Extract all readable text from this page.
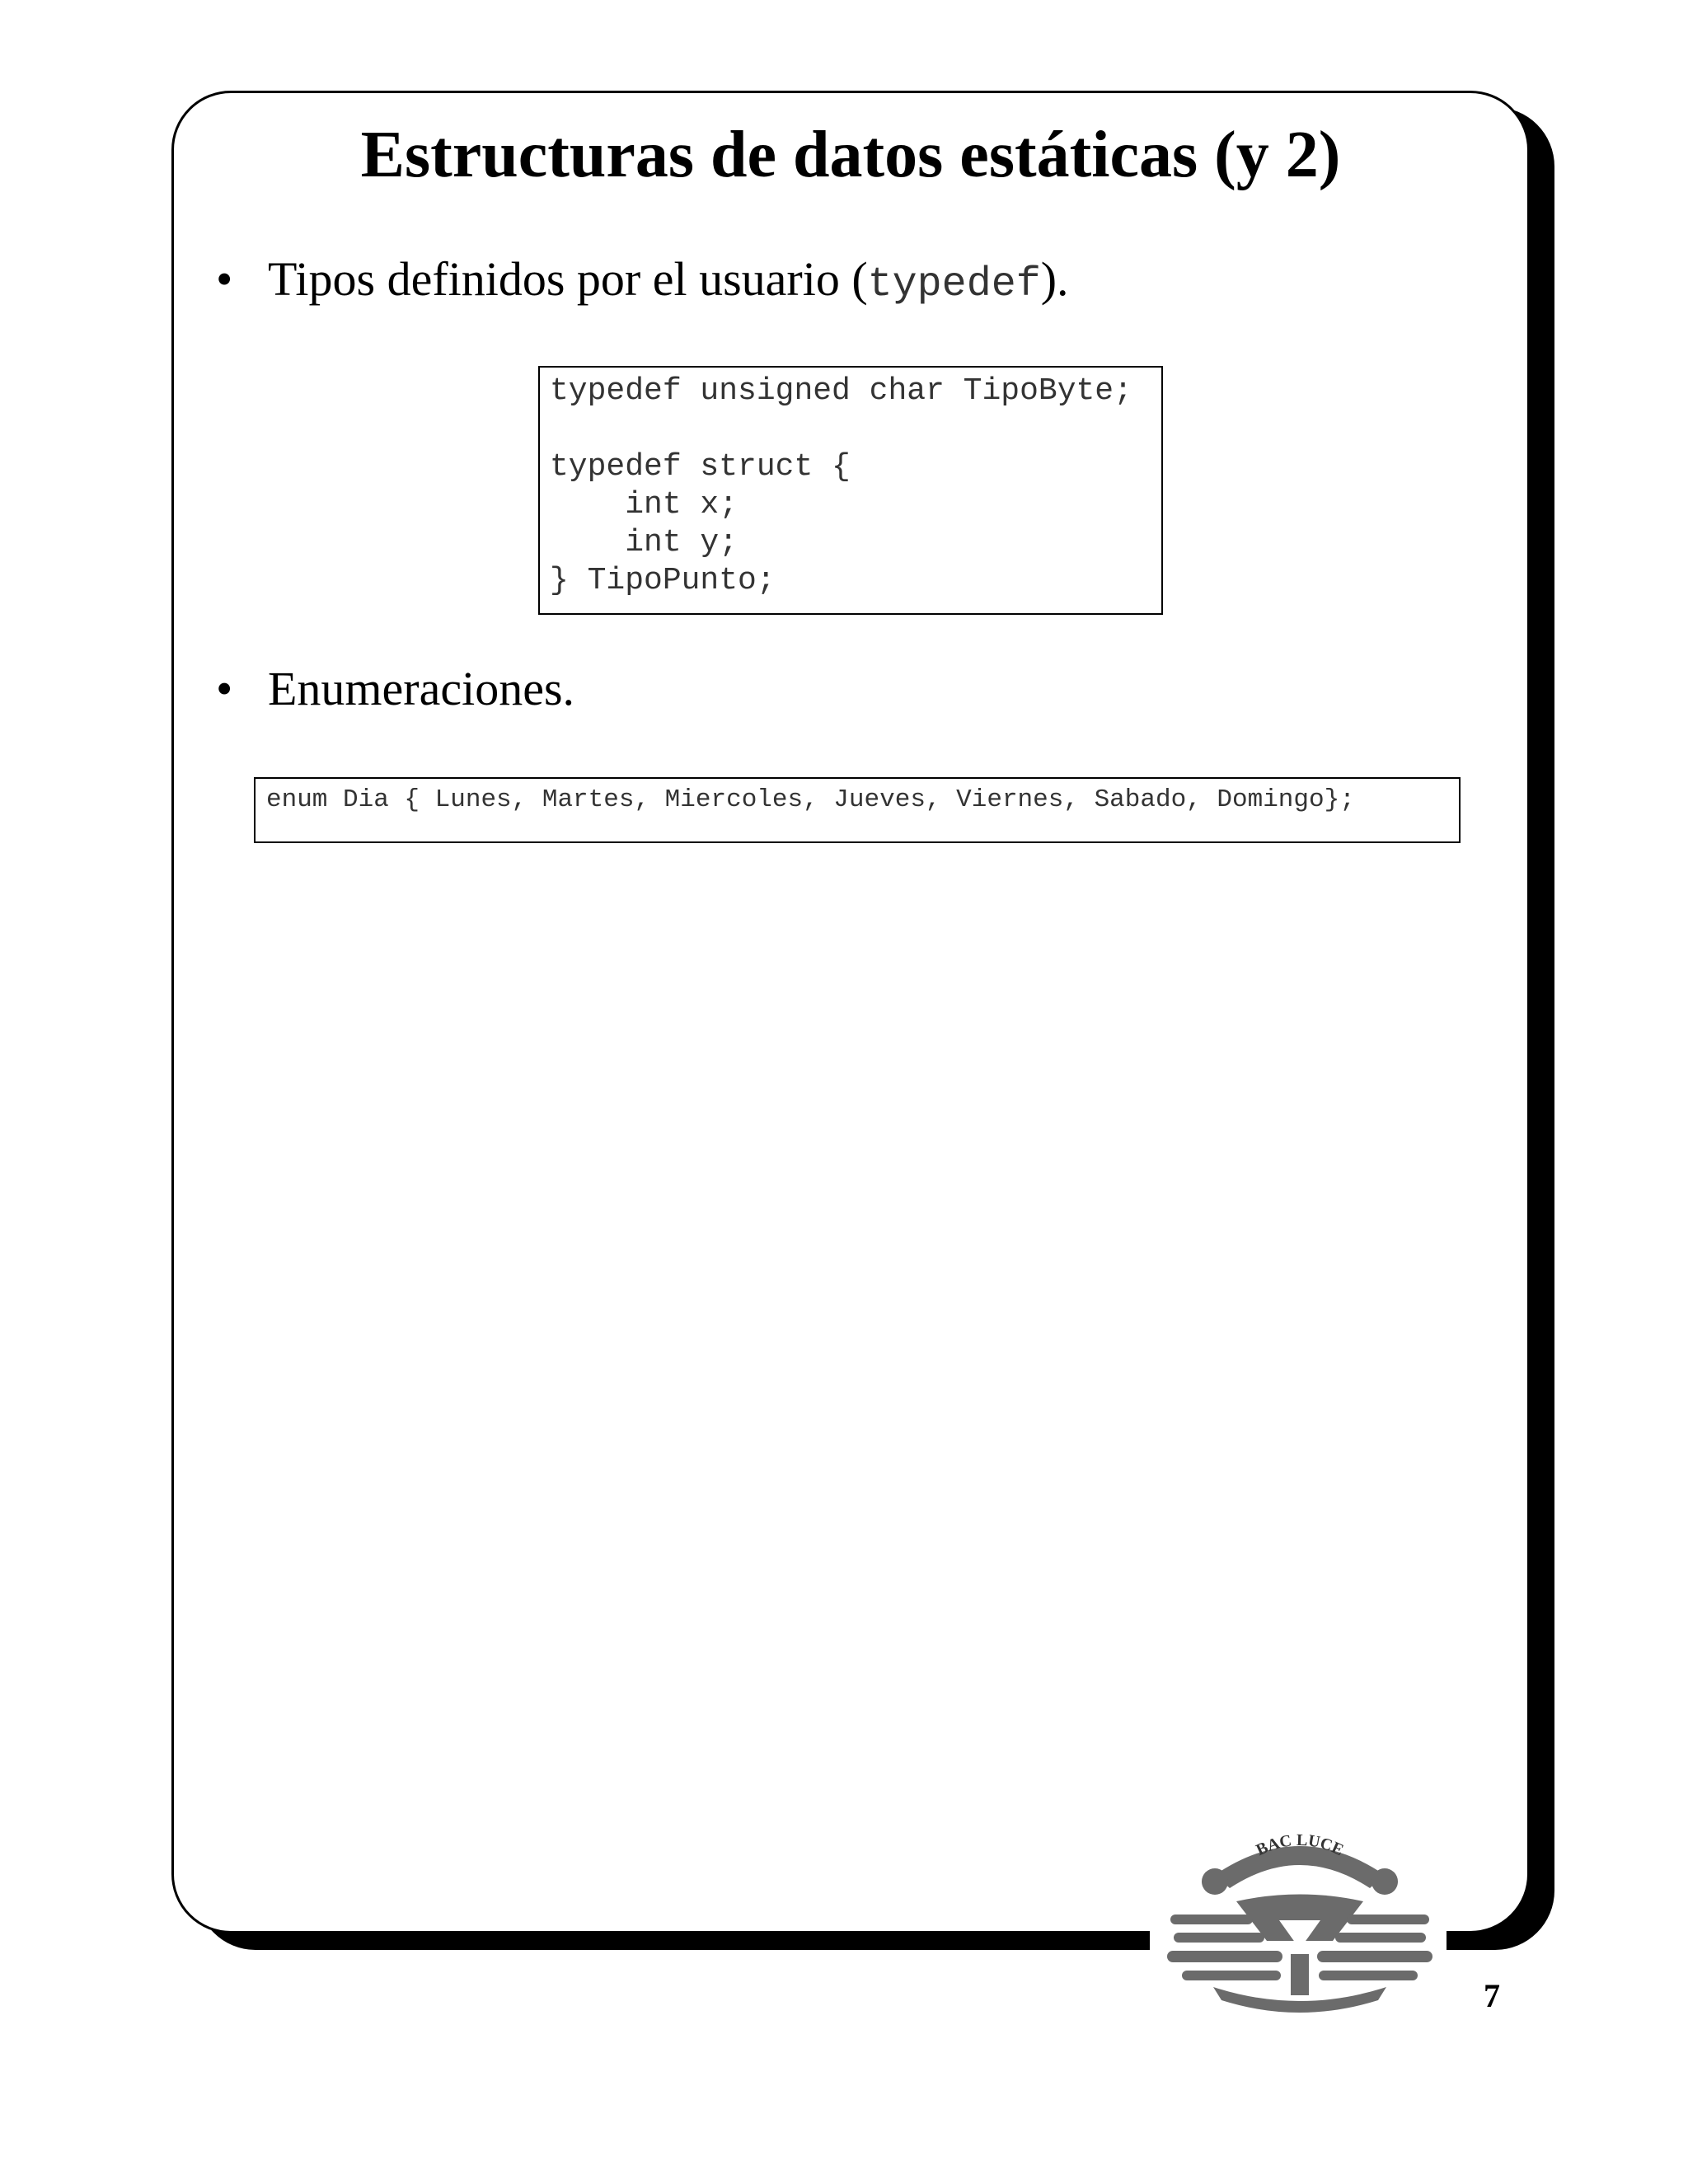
Estructuras de datos estáticas (y 2)
• Tipos definidos por el usuario (typedef).
typedef unsigned char TipoByte;
typedef struct {
int x;
int y;
} TipoPunto;
• Enumeraciones.
enum Dia { Lunes, Martes, Miercoles, Jueves, Viernes, Sabado, Domingo};
BAC LUCE
7
